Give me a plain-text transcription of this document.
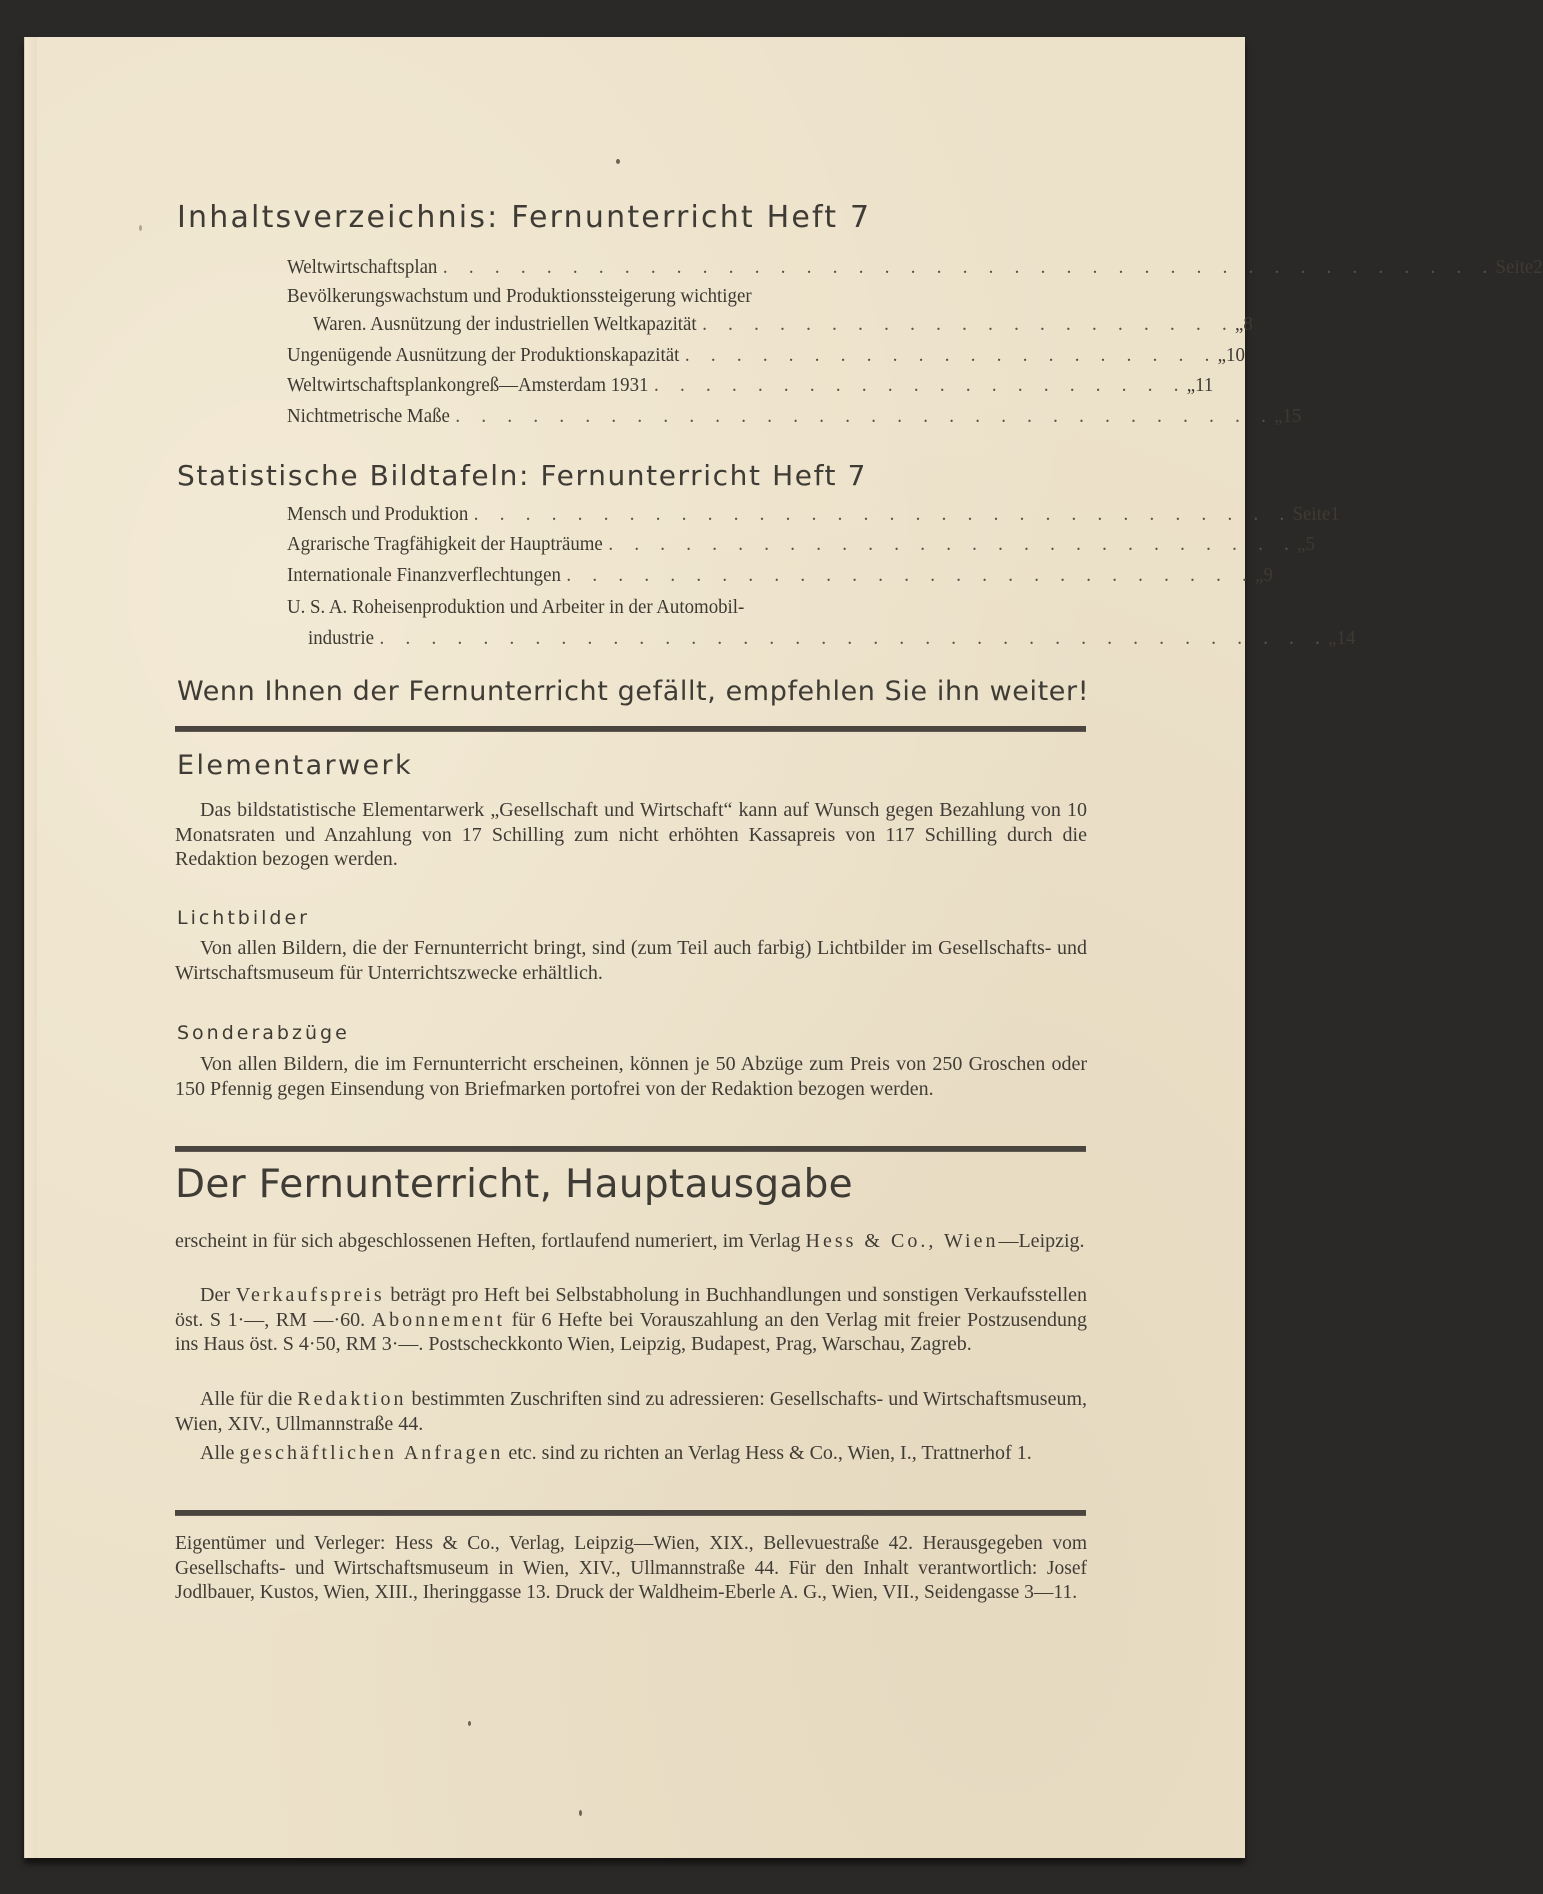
Inhaltsverzeichnis: Fernunterricht Heft 7
Weltwirtschaftsplan . . . . . . . . . . . . . . . . . . . . . . . . . . . . . . . . . . . . . . . . . Seite 2
Bevölkerungswachstum und Produktionssteigerung wichtiger
Waren. Ausnützung der industriellen Weltkapazität . . . . . . . . . . . . . . . . . . . . . „ 8
Ungenügende Ausnützung der Produktionskapazität . . . . . . . . . . . . . . . . . . . . . „ 10
Weltwirtschaftsplankongreß—Amsterdam 1931 . . . . . . . . . . . . . . . . . . . . . „ 11
Nichtmetrische Maße . . . . . . . . . . . . . . . . . . . . . . . . . . . . . . . . „ 15
Statistische Bildtafeln: Fernunterricht Heft 7
Mensch und Produktion . . . . . . . . . . . . . . . . . . . . . . . . . . . . . . . . Seite 1
Agrarische Tragfähigkeit der Haupträume . . . . . . . . . . . . . . . . . . . . . . . . . . . „ 5
Internationale Finanzverflechtungen . . . . . . . . . . . . . . . . . . . . . . . . . . . „ 9
U. S. A. Roheisenproduktion und Arbeiter in der Automobil-
industrie . . . . . . . . . . . . . . . . . . . . . . . . . . . . . . . . . . . . . „ 14
Wenn Ihnen der Fernunterricht gefällt, empfehlen Sie ihn weiter!
Elementarwerk
Das bildstatistische Elementarwerk „Gesellschaft und Wirtschaft“ kann auf Wunsch gegen Bezahlung von 10 Monatsraten und Anzahlung von 17 Schilling zum nicht erhöhten Kassapreis von 117 Schilling durch die Redaktion bezogen werden.
Lichtbilder
Von allen Bildern, die der Fernunterricht bringt, sind (zum Teil auch farbig) Lichtbilder im Gesellschafts- und Wirtschaftsmuseum für Unterrichtszwecke erhältlich.
Sonderabzüge
Von allen Bildern, die im Fernunterricht erscheinen, können je 50 Abzüge zum Preis von 250 Groschen oder 150 Pfennig gegen Einsendung von Briefmarken portofrei von der Redaktion bezogen werden.
Der Fernunterricht, Hauptausgabe
erscheint in für sich abgeschlossenen Heften, fortlaufend numeriert, im Verlag Hess & Co., Wien—Leipzig.
Der Verkaufspreis beträgt pro Heft bei Selbstabholung in Buchhandlungen und sonstigen Verkaufsstellen öst. S 1·—, RM —·60. Abonnement für 6 Hefte bei Vorauszahlung an den Verlag mit freier Postzusendung ins Haus öst. S 4·50, RM 3·—. Postscheckkonto Wien, Leipzig, Budapest, Prag, Warschau, Zagreb.
Alle für die Redaktion bestimmten Zuschriften sind zu adressieren: Gesellschafts- und Wirtschaftsmuseum, Wien, XIV., Ullmannstraße 44.
Alle geschäftlichen Anfragen etc. sind zu richten an Verlag Hess & Co., Wien, I., Trattnerhof 1.
Eigentümer und Verleger: Hess & Co., Verlag, Leipzig—Wien, XIX., Bellevuestraße 42. Herausgegeben vom Gesellschafts- und Wirtschaftsmuseum in Wien, XIV., Ullmannstraße 44. Für den Inhalt verantwortlich: Josef Jodlbauer, Kustos, Wien, XIII., Iheringgasse 13. Druck der Waldheim-Eberle A. G., Wien, VII., Seidengasse 3—11.
